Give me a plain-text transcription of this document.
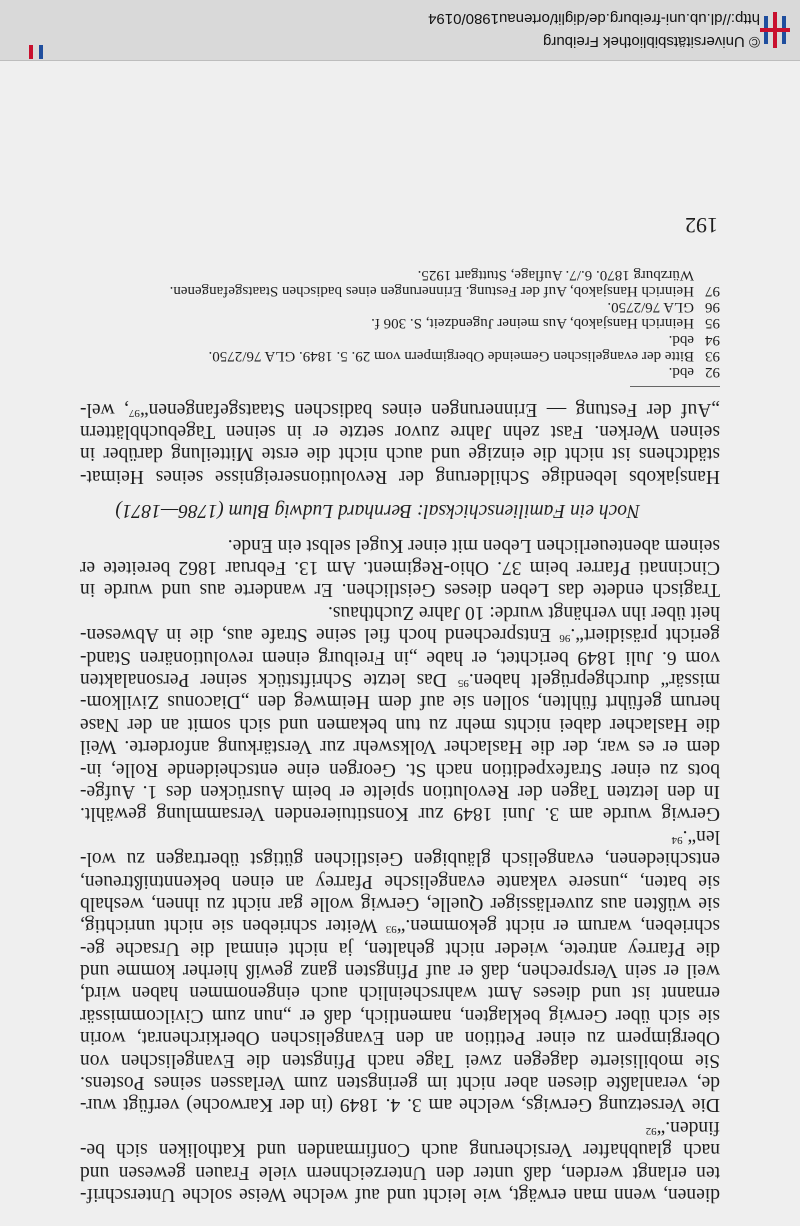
dienen, wenn man erwägt, wie leicht und auf welche Weise solche Unterschrif-
ten erlangt werden, daß unter den Unterzeichnern viele Frauen gewesen und
nach glaubhafter Versicherung auch Confirmanden und Katholiken sich be-
finden.“$^{92}$
Die Versetzung Gerwigs, welche am 3. 4. 1849 (in der Karwoche) verfügt wur-
de, veranlaßte diesen aber nicht im geringsten zum Verlassen seines Postens.
Sie mobilisierte dagegen zwei Tage nach Pfingsten die Evangelischen von
Obergimpern zu einer Petition an den Evangelischen Oberkirchenrat, worin
sie sich über Gerwig beklagten, namentlich, daß er „nun zum Civilcommissär
ernannt ist und dieses Amt wahrscheinlich auch eingenommen haben wird,
weil er sein Versprechen, daß er auf Pfingsten ganz gewiß hierher komme und
die Pfarrey antrete, wieder nicht gehalten, ja nicht einmal die Ursache ge-
schrieben, warum er nicht gekommen.“$^{93}$ Weiter schrieben sie nicht unrichtig,
sie wüßten aus zuverlässiger Quelle, Gerwig wolle gar nicht zu ihnen, weshalb
sie baten, „unsere vakante evangelische Pfarrey an einen bekenntnißtreuen,
entschiedenen, evangelisch gläubigen Geistlichen gütigst übertragen zu wol-
len“.$^{94}$
Gerwig wurde am 3. Juni 1849 zur Konstituierenden Versammlung gewählt.
In den letzten Tagen der Revolution spielte er beim Ausrücken des 1. Aufge-
bots zu einer Strafexpedition nach St. Georgen eine entscheidende Rolle, in-
dem er es war, der die Haslacher Volkswehr zur Verstärkung anforderte. Weil
die Haslacher dabei nichts mehr zu tun bekamen und sich somit an der Nase
herum geführt fühlten, sollen sie auf dem Heimweg den „Diaconus Zivilkom-
missär“ durchgeprügelt haben.$^{95}$ Das letzte Schriftstück seiner Personalakten
vom 6. Juli 1849 berichtet, er habe „in Freiburg einem revolutionären Stand-
gericht präsidiert“.$^{96}$ Entsprechend hoch fiel seine Strafe aus, die in Abwesen-
heit über ihn verhängt wurde: 10 Jahre Zuchthaus.
Tragisch endete das Leben dieses Geistlichen. Er wanderte aus und wurde in
Cincinnati Pfarrer beim 37. Ohio-Regiment. Am 13. Februar 1862 bereitete er
seinem abenteuerlichen Leben mit einer Kugel selbst ein Ende.
Noch ein Familienschicksal: Bernhard Ludwig Blum (1786—1871)
Hansjakobs lebendige Schilderung der Revolutionsereignisse seines Heimat-
städtchens ist nicht die einzige und auch nicht die erste Mitteilung darüber in
seinen Werken. Fast zehn Jahre zuvor setzte er in seinen Tagebuchblättern
„Auf der Festung — Erinnerungen eines badischen Staatsgefangenen“$^{97}$, wel-
92ebd.
93Bitte der evangelischen Gemeinde Obergimpern vom 29. 5. 1849. GLA 76/2750.
94ebd.
95Heinrich Hansjakob, Aus meiner Jugendzeit, S. 306 f.
96GLA 76/2750.
97Heinrich Hansjakob, Auf der Festung. Erinnerungen eines badischen Staatsgefangenen.
Würzburg 1870. 6./7. Auflage, Stuttgart 1925.
192
© Universitätsbibliothek Freiburg
http://dl.ub.uni-freiburg.de/diglit/ortenau1980/0194
